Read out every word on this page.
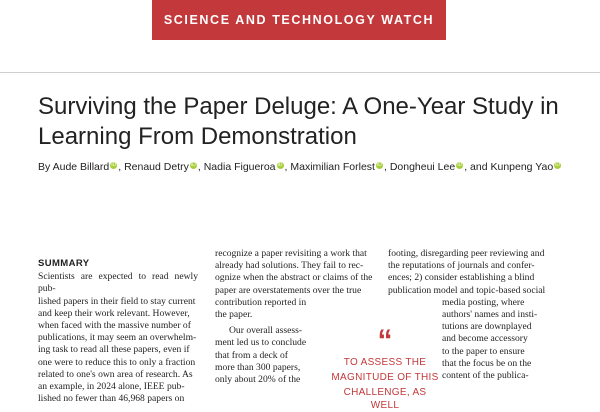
SCIENCE AND TECHNOLOGY WATCH
Surviving the Paper Deluge: A One-Year Study in
Learning From Demonstration
By Aude Billard iD , Renaud Detry iD , Nadia Figueroa iD , Maximilian Forlest iD , Dongheui Lee iD , and Kunpeng Yao iD

SUMMARY

Scientists are expected to read newly pub-

lished papers in their field to stay current

and keep their work relevant. However,

when faced with the massive number of

publications, it may seem an overwhelm-

ing task to read all these papers, even if

one were to reduce this to only a fraction

related to one's own area of research. As

an example, in 2024 alone, IEEE pub-

lished no fewer than 46,968 papers on

recognize a paper revisiting a work that

already had solutions. They fail to rec-

ognize when the abstract or claims of the

paper are overstatements over the true

contribution reported in

the paper.

Our overall assess-

ment led us to conclude

that from a deck of

more than 300 papers,

only about 20% of the

footing, disregarding peer reviewing and

the reputations of journals and confer-

ences; 2) consider establishing a blind

publication model and topic-based social

media posting, where

authors' names and insti-

tutions are downplayed

and become accessory

to the paper to ensure

that the focus be on the

content of the publica-

“
TO ASSESS THE
MAGNITUDE OF THIS
CHALLENGE, AS WELL
